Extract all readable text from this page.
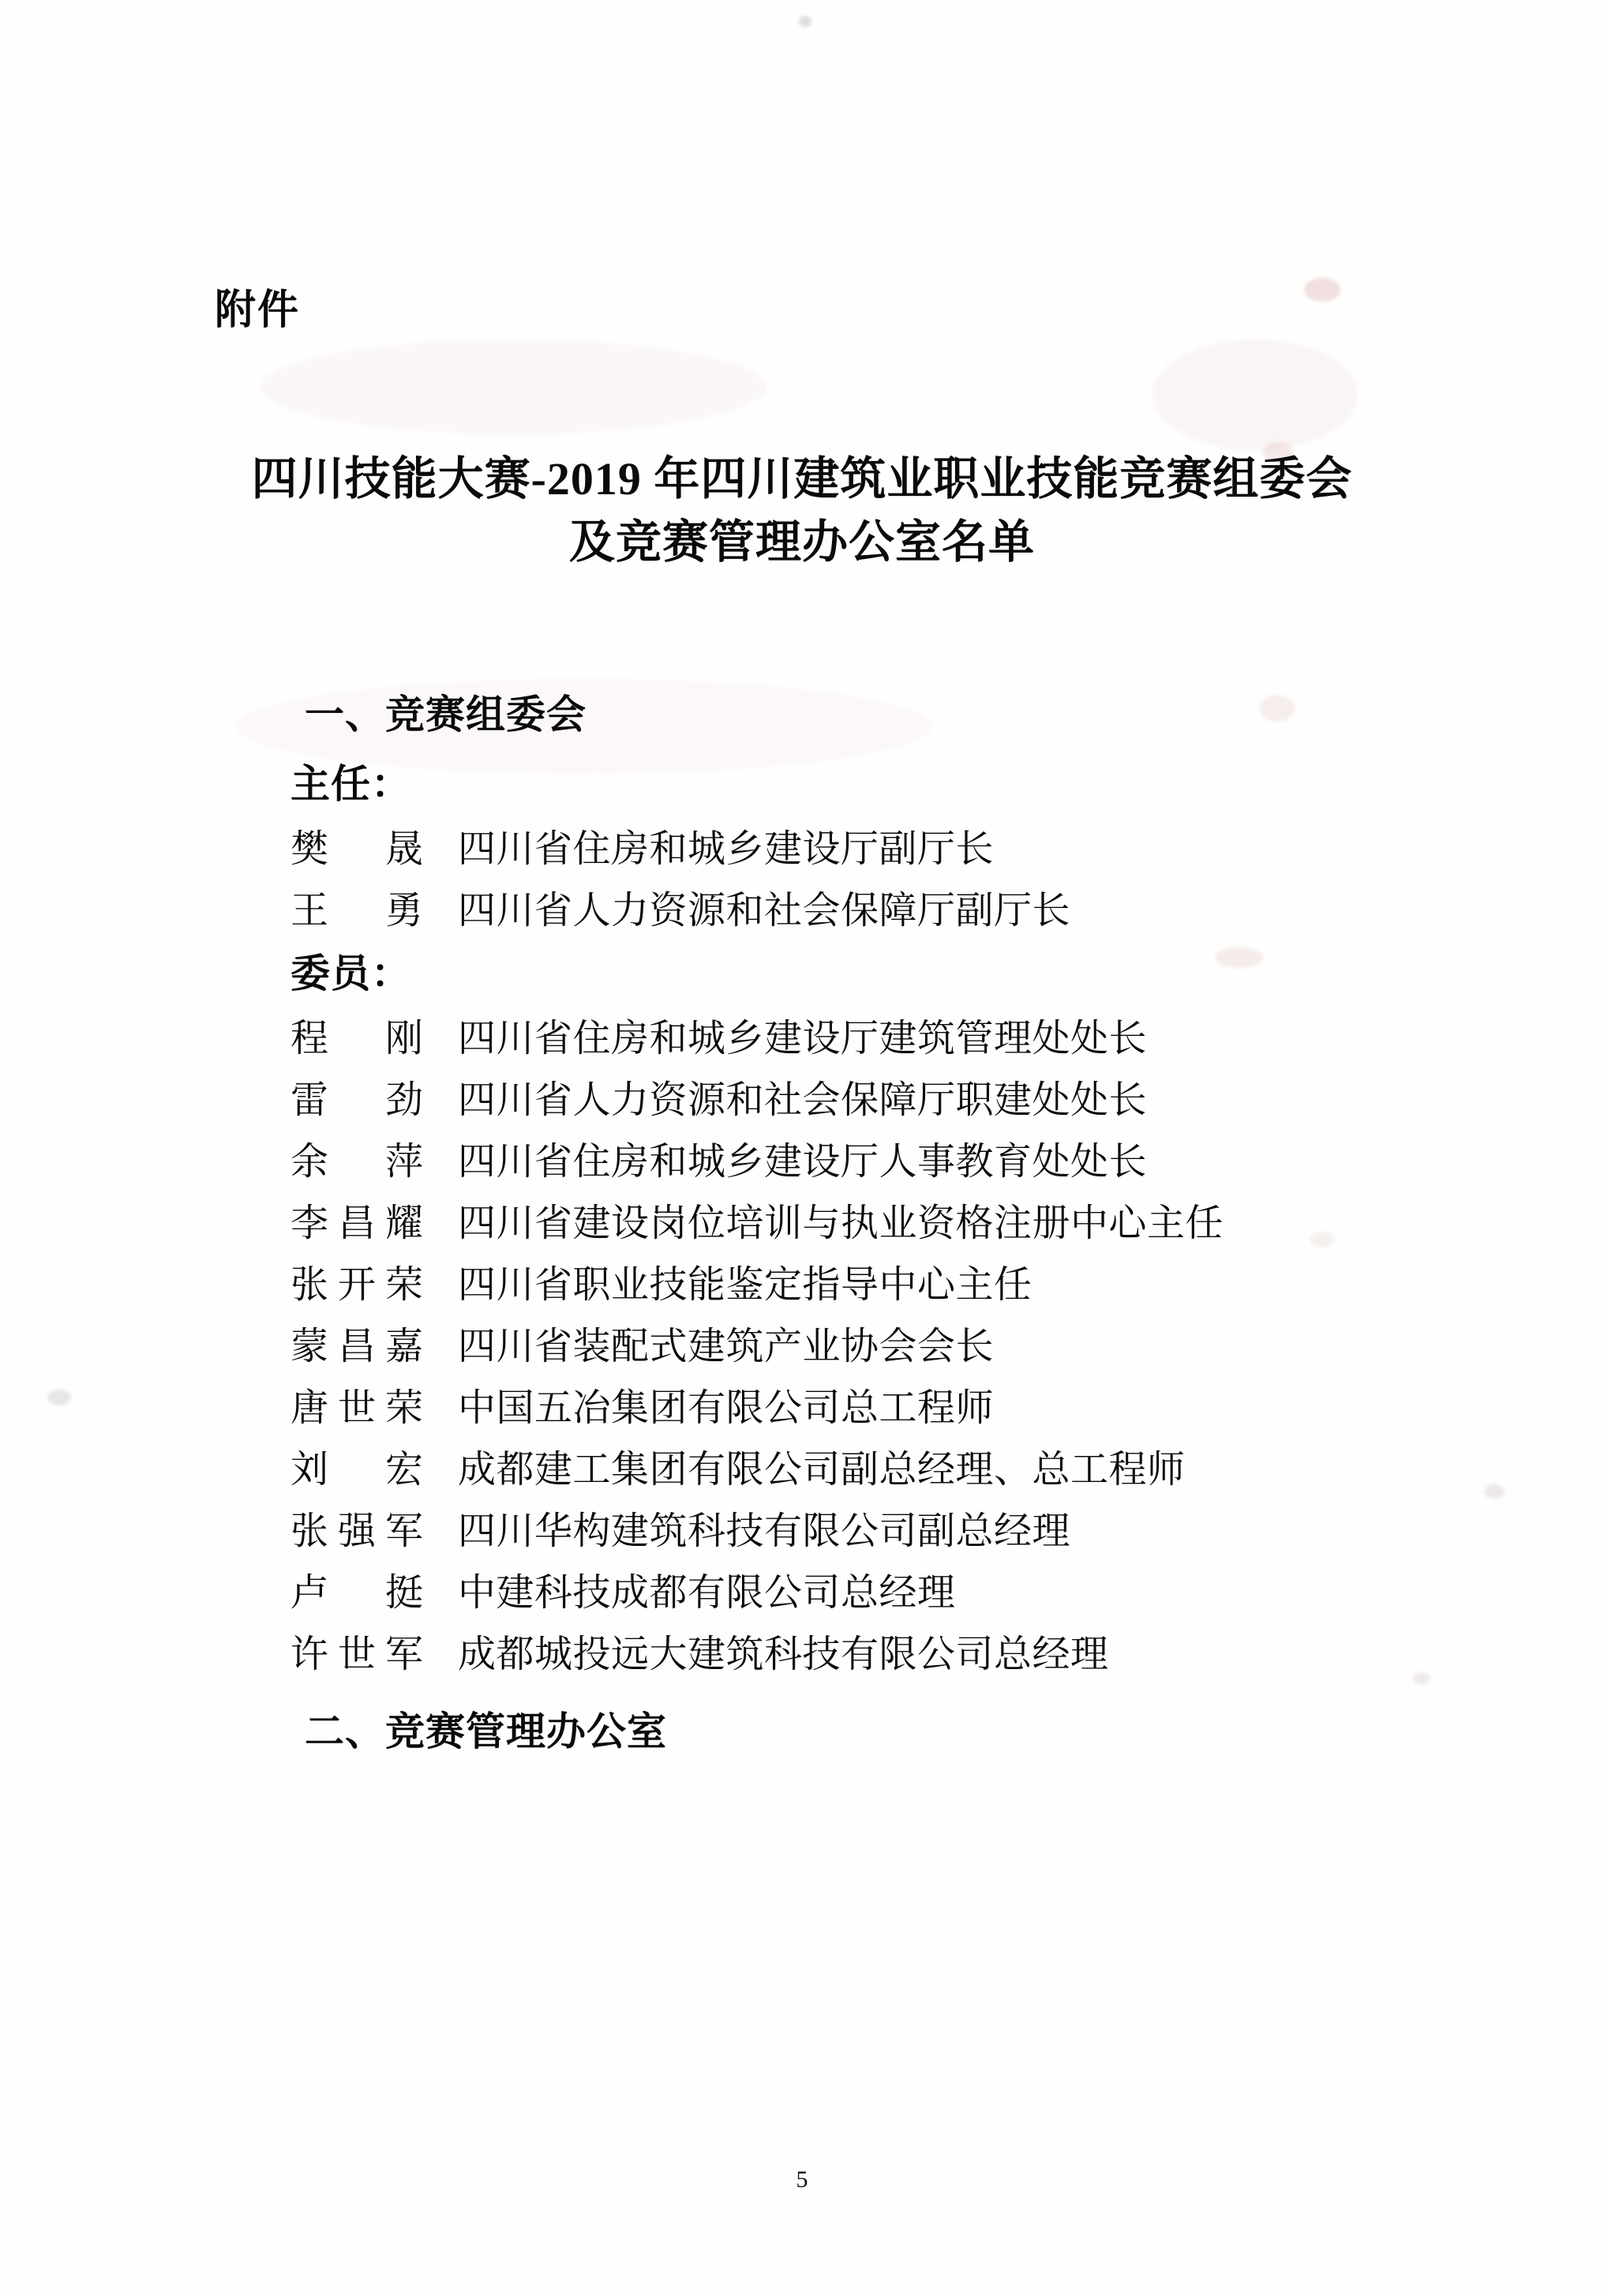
附件
四川技能大赛-2019 年四川建筑业职业技能竞赛组委会
及竞赛管理办公室名单
一、竞赛组委会
主任：
樊晟 四川省住房和城乡建设厅副厅长
王勇 四川省人力资源和社会保障厅副厅长
委员：
程刚 四川省住房和城乡建设厅建筑管理处处长
雷劲 四川省人力资源和社会保障厅职建处处长
余萍 四川省住房和城乡建设厅人事教育处处长
李昌耀 四川省建设岗位培训与执业资格注册中心主任
张开荣 四川省职业技能鉴定指导中心主任
蒙昌嘉 四川省装配式建筑产业协会会长
唐世荣 中国五冶集团有限公司总工程师
刘宏 成都建工集团有限公司副总经理、总工程师
张强军 四川华构建筑科技有限公司副总经理
卢挺 中建科技成都有限公司总经理
许世军 成都城投远大建筑科技有限公司总经理
二、竞赛管理办公室
5
